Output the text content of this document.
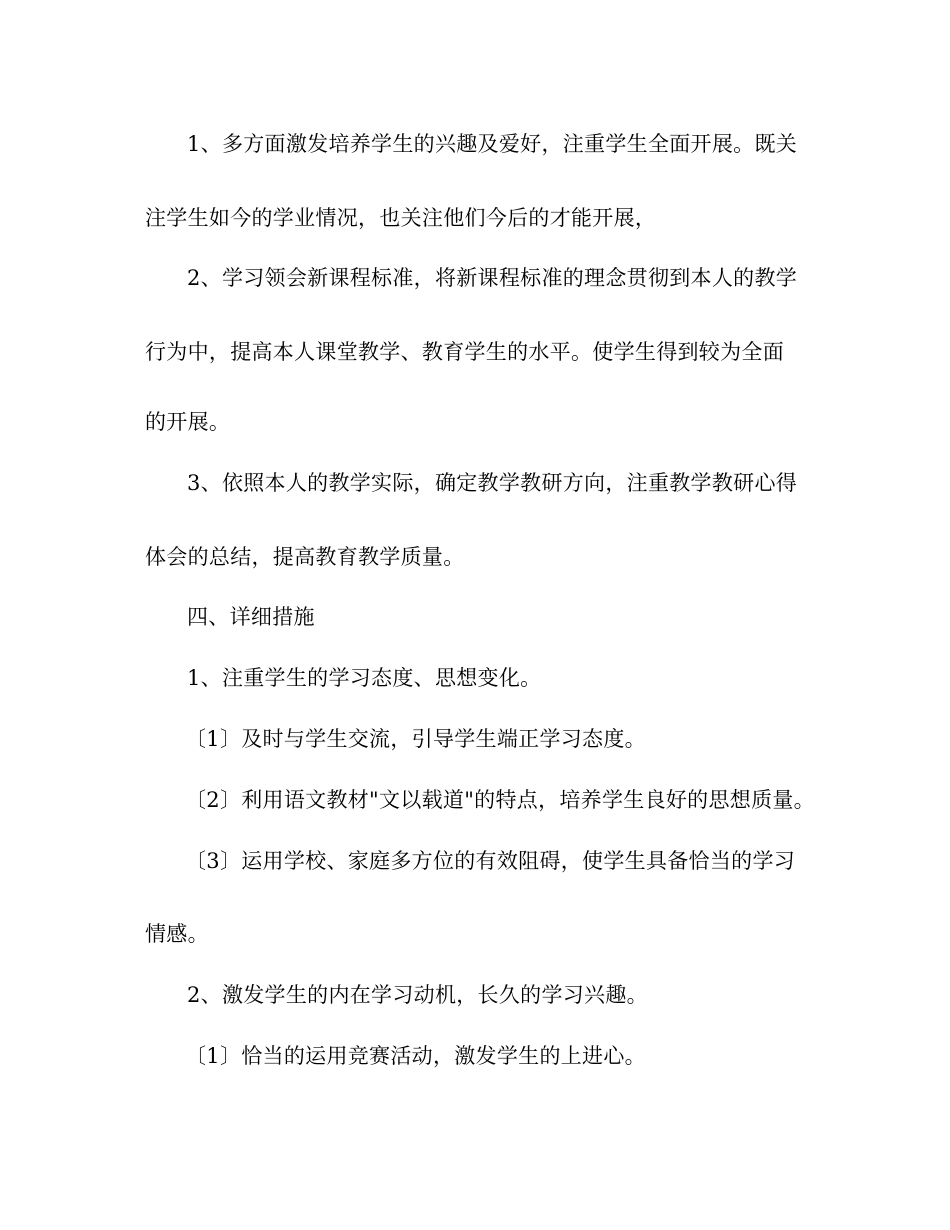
1、多方面激发培养学生的兴趣及爱好，注重学生全面开展。既关
注学生如今的学业情况，也关注他们今后的才能开展，
2、学习领会新课程标准，将新课程标准的理念贯彻到本人的教学
行为中，提高本人课堂教学、教育学生的水平。使学生得到较为全面
的开展。
3、依照本人的教学实际，确定教学教研方向，注重教学教研心得
体会的总结，提高教育教学质量。
四、详细措施
1、注重学生的学习态度、思想变化。
〔1〕及时与学生交流，引导学生端正学习态度。
〔2〕利用语文教材"文以载道"的特点，培养学生良好的思想质量。
〔3〕运用学校、家庭多方位的有效阻碍，使学生具备恰当的学习
情感。
2、激发学生的内在学习动机，长久的学习兴趣。
〔1〕恰当的运用竞赛活动，激发学生的上进心。
